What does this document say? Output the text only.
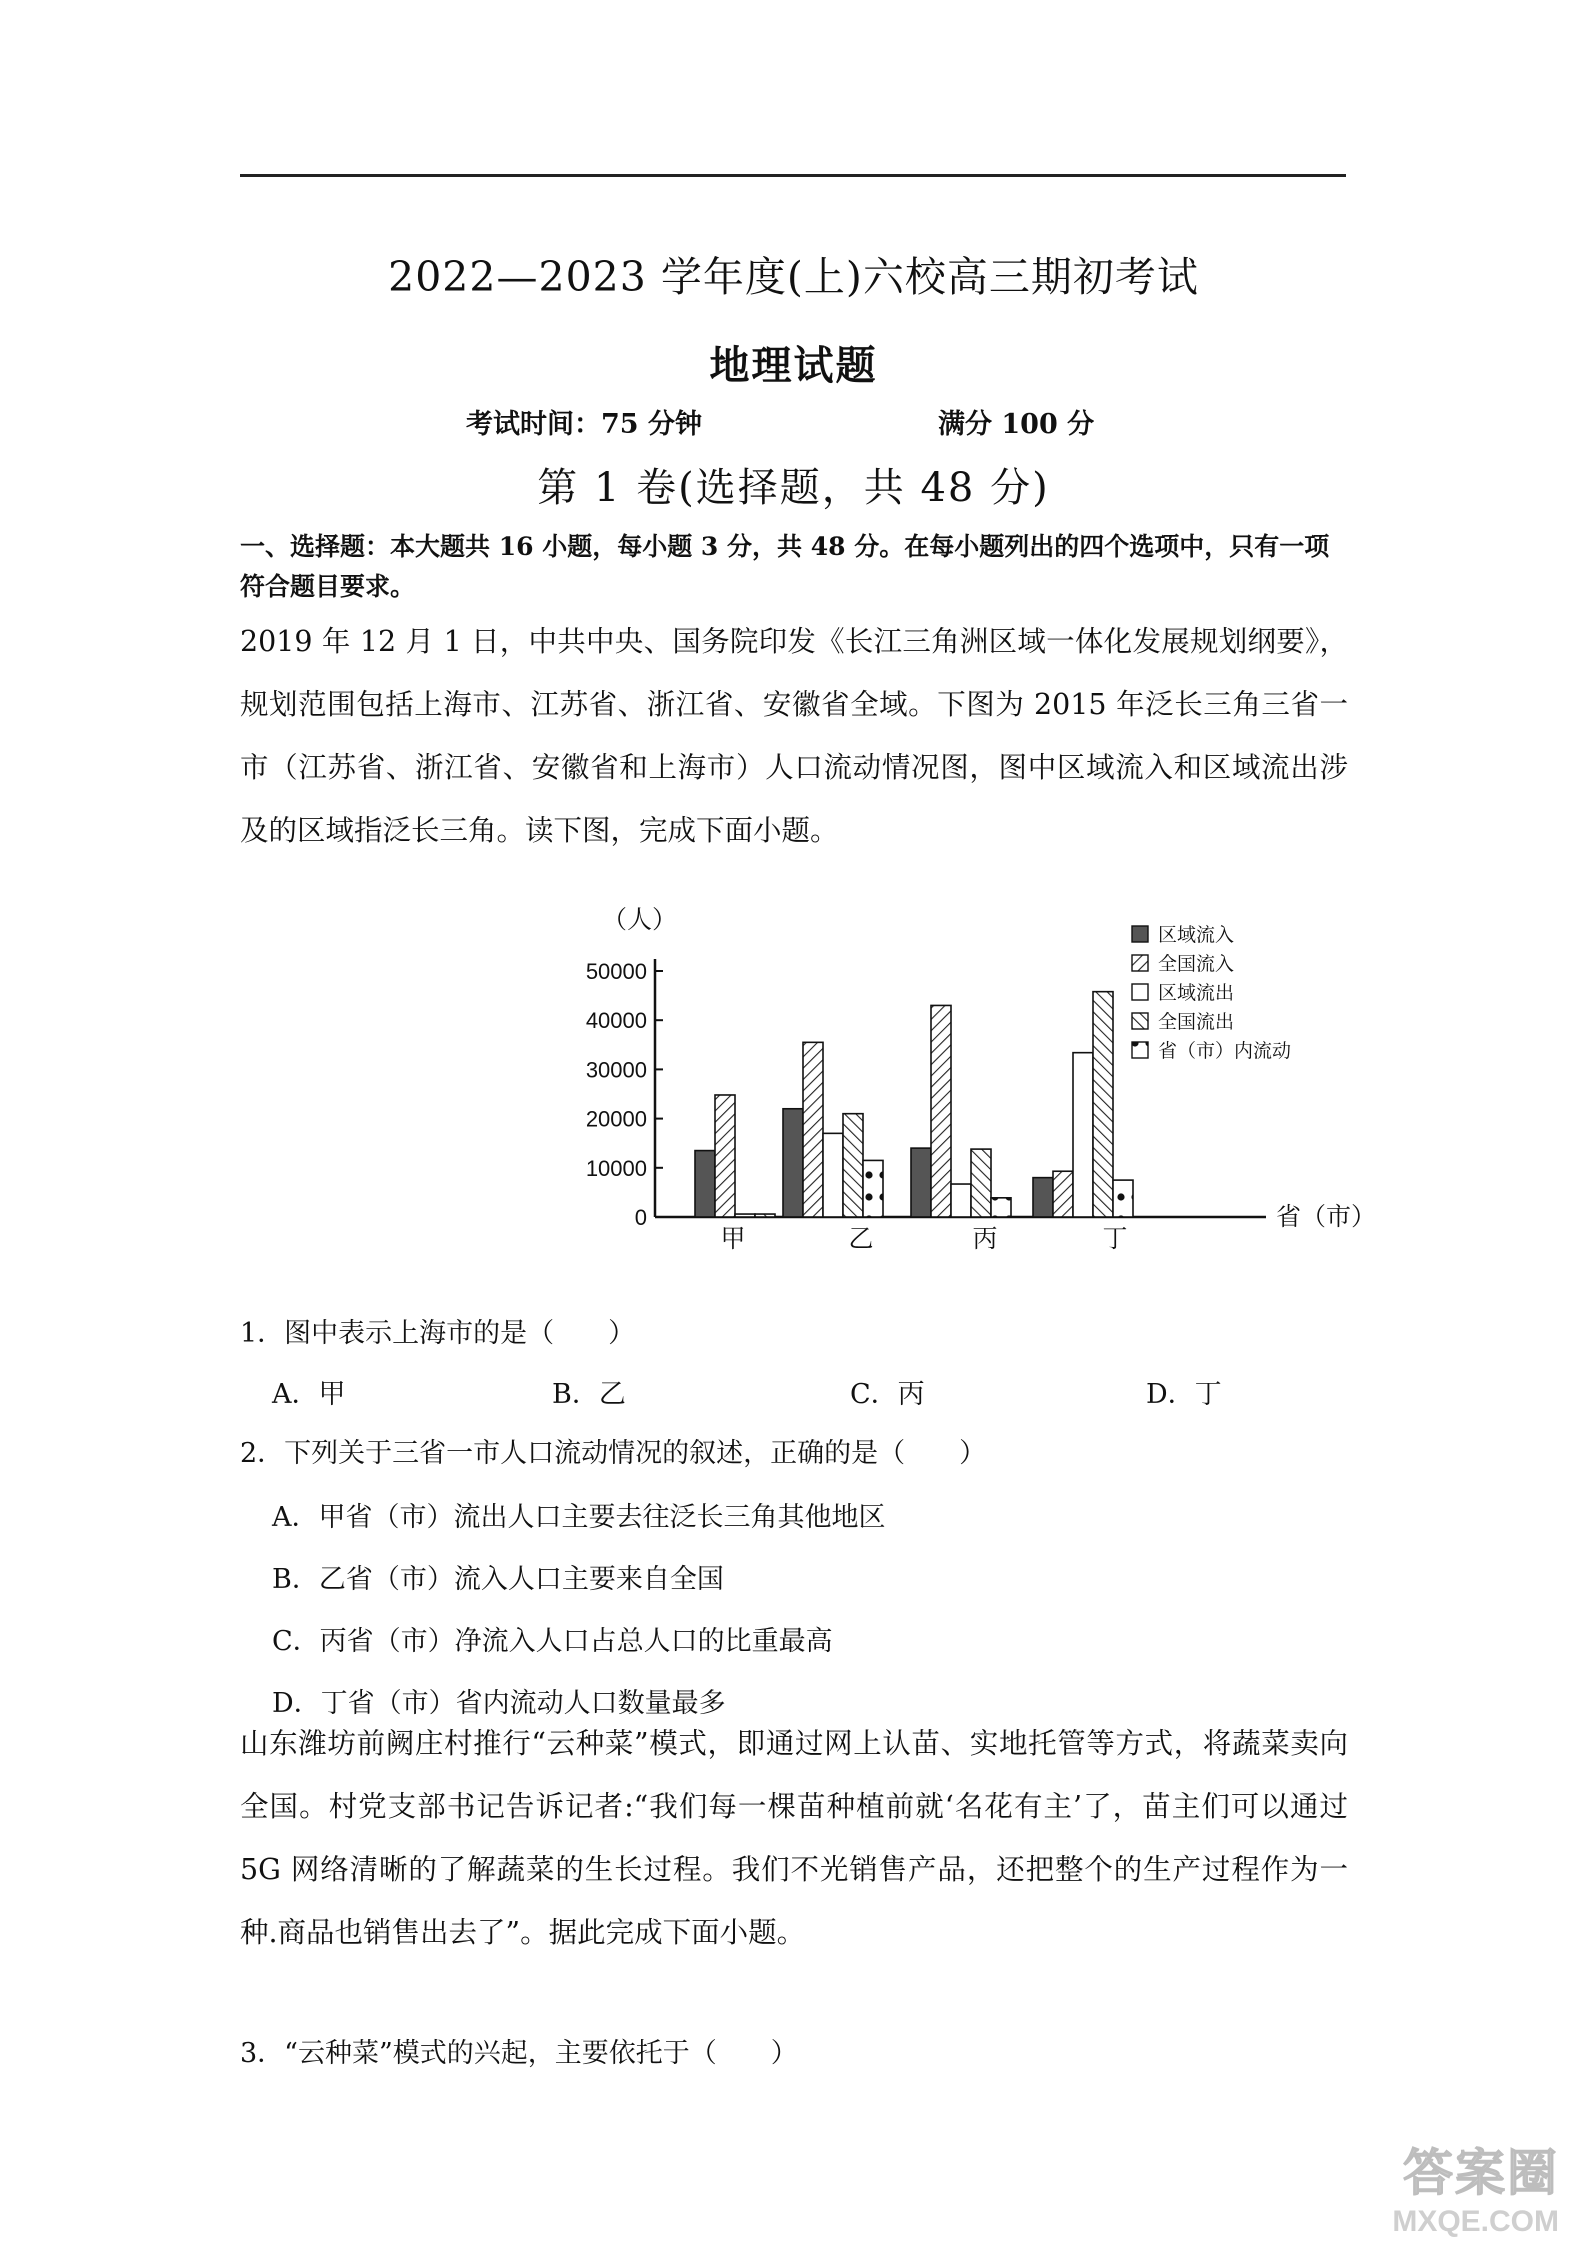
2022—2023 学年度(上)六校高三期初考试
地理试题
考试时间：75 分钟	满分 100 分
第 1 卷(选择题，共 48 分)
一、选择题：本大题共 16 小题，每小题 3 分，共 48 分。在每小题列出的四个选项中，只有一项符合题目要求。
2019 年 12 月 1 日，中共中央、国务院印发《长江三角洲区域一体化发展规划纲要》，规划范围包括上海市、江苏省、浙江省、安徽省全域。下图为 2015 年泛长三角三省一市（江苏省、浙江省、安徽省和上海市）人口流动情况图，图中区域流入和区域流出涉及的区域指泛长三角。读下图，完成下面小题。
（人）
0
10000
20000
30000
40000
50000
甲	乙	丙	丁
省（市）
区域流入
全国流入
区域流出
全国流出
省（市）内流动
1．图中表示上海市的是（　　）
A．甲	B．乙	C．丙	D．丁
2．下列关于三省一市人口流动情况的叙述，正确的是（　　）
A．甲省（市）流出人口主要去往泛长三角其他地区
B．乙省（市）流入人口主要来自全国
C．丙省（市）净流入人口占总人口的比重最高
D．丁省（市）省内流动人口数量最多
山东潍坊前阙庄村推行“云种菜”模式，即通过网上认苗、实地托管等方式，将蔬菜卖向全国。村党支部书记告诉记者:“我们每一棵苗种植前就‘名花有主’了，苗主们可以通过 5G 网络清晰的了解蔬菜的生长过程。我们不光销售产品，还把整个的生产过程作为一种.商品也销售出去了”。据此完成下面小题。
3．“云种菜”模式的兴起，主要依托于（　　）
答案圈
MXQE.COM
